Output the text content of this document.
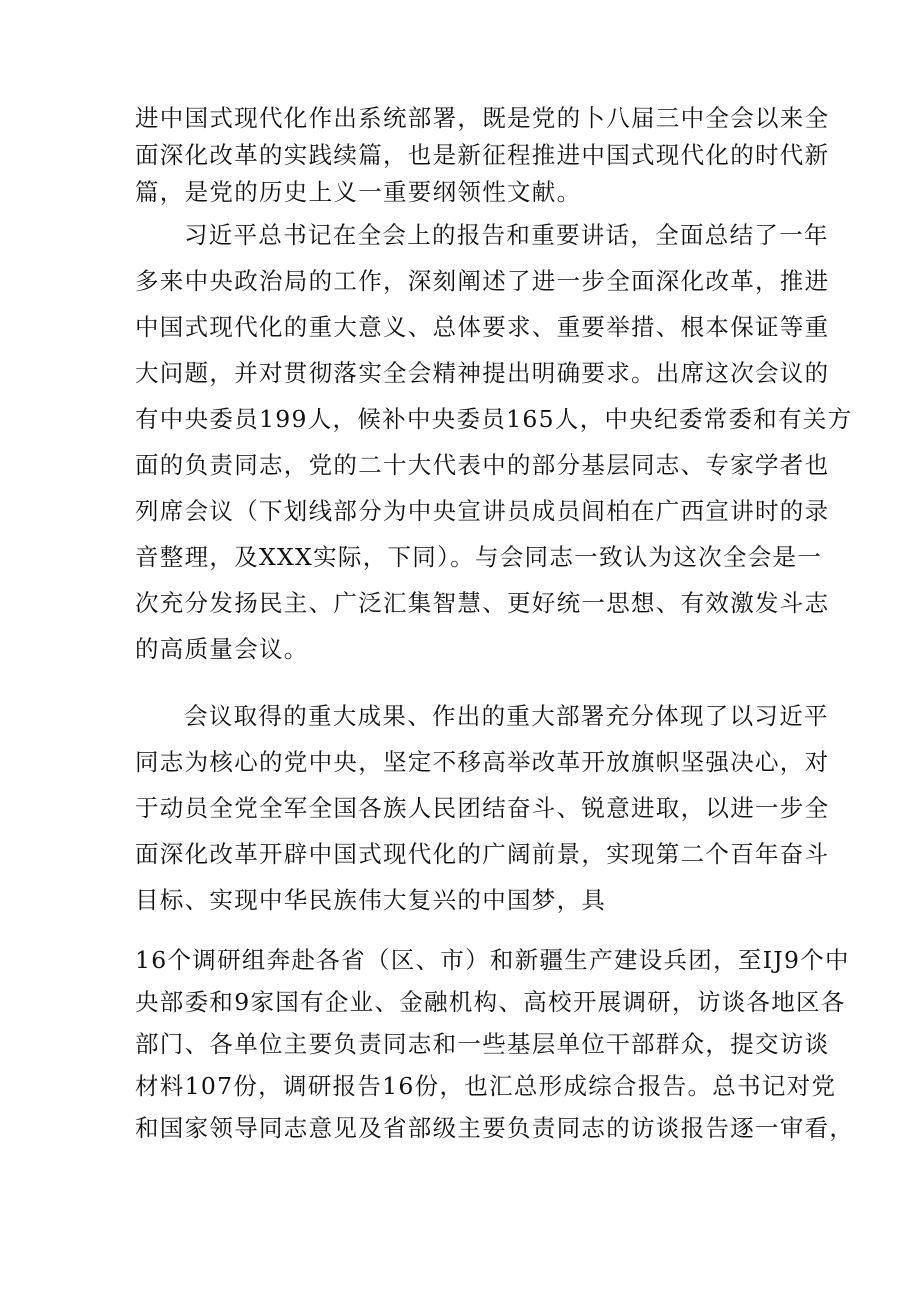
进中国式现代化作出系统部署，既是党的卜八届三中全会以来全
面深化改革的实践续篇，也是新征程推进中国式现代化的时代新
篇，是党的历史上义一重要纲领性文献。

习近平总书记在全会上的报告和重要讲话，全面总结了一年
多来中央政治局的工作，深刻阐述了进一步全面深化改革，推进
中国式现代化的重大意义、总体要求、重要举措、根本保证等重
大问题，并对贯彻落实全会精神提出明确要求。出席这次会议的
有中央委员199人，候补中央委员165人，中央纪委常委和有关方
面的负责同志，党的二十大代表中的部分基层同志、专家学者也
列席会议（下划线部分为中央宣讲员成员闾柏在广西宣讲时的录
音整理，及XXX实际，下同）。与会同志一致认为这次全会是一
次充分发扬民主、广泛汇集智慧、更好统一思想、有效激发斗志
的高质量会议。

会议取得的重大成果、作出的重大部署充分体现了以习近平
同志为核心的党中央，坚定不移高举改革开放旗帜坚强决心，对
于动员全党全军全国各族人民团结奋斗、锐意进取，以进一步全
面深化改革开辟中国式现代化的广阔前景，实现第二个百年奋斗
目标、实现中华民族伟大复兴的中国梦，具

16个调研组奔赴各省（区、市）和新疆生产建设兵团，至IJ9个中
央部委和9家国有企业、金融机构、高校开展调研，访谈各地区各
部门、各单位主要负责同志和一些基层单位干部群众，提交访谈
材料107份，调研报告16份，也汇总形成综合报告。总书记对党
和国家领导同志意见及省部级主要负责同志的访谈报告逐一审看，
